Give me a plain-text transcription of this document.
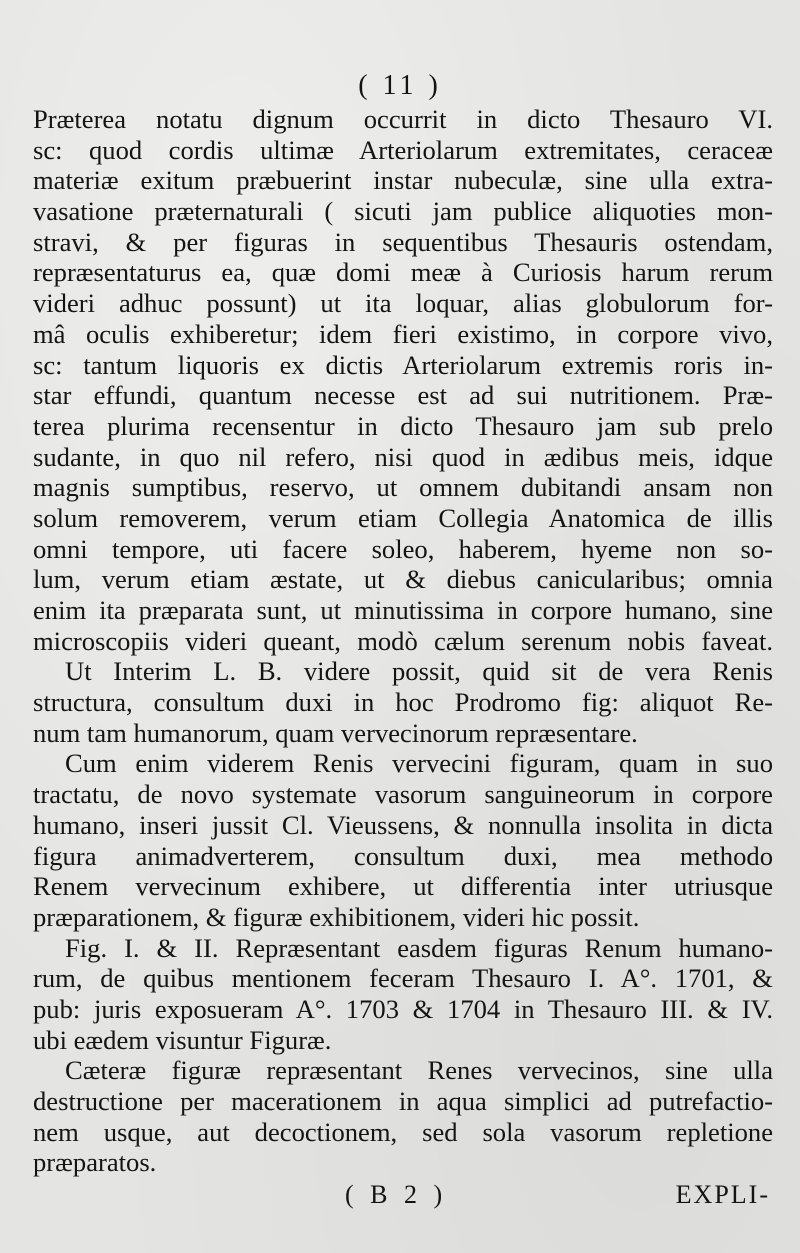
( 11 )
Præterea notatu dignum occurrit in dicto Thesauro VI.
sc: quod cordis ultimæ Arteriolarum extremitates, ceraceæ
materiæ exitum præbuerint instar nubeculæ, sine ulla extra-
vasatione præternaturali ( sicuti jam publice aliquoties mon-
stravi, & per figuras in sequentibus Thesauris ostendam,
repræsentaturus ea, quæ domi meæ à Curiosis harum rerum
videri adhuc possunt) ut ita loquar, alias globulorum for-
mâ oculis exhiberetur; idem fieri existimo, in corpore vivo,
sc: tantum liquoris ex dictis Arteriolarum extremis roris in-
star effundi, quantum necesse est ad sui nutritionem. Præ-
terea plurima recensentur in dicto Thesauro jam sub prelo
sudante, in quo nil refero, nisi quod in ædibus meis, idque
magnis sumptibus, reservo, ut omnem dubitandi ansam non
solum removerem, verum etiam Collegia Anatomica de illis
omni tempore, uti facere soleo, haberem, hyeme non so-
lum, verum etiam æstate, ut & diebus canicularibus; omnia
enim ita præparata sunt, ut minutissima in corpore humano, sine
microscopiis videri queant, modò cælum serenum nobis faveat.
Ut Interim L. B. videre possit, quid sit de vera Renis
structura, consultum duxi in hoc Prodromo fig: aliquot Re-
num tam humanorum, quam vervecinorum repræsentare.
Cum enim viderem Renis vervecini figuram, quam in suo
tractatu, de novo systemate vasorum sanguineorum in corpore
humano, inseri jussit Cl. Vieussens, & nonnulla insolita in dicta
figura animadverterem, consultum duxi, mea methodo
Renem vervecinum exhibere, ut differentia inter utriusque
præparationem, & figuræ exhibitionem, videri hic possit.
Fig. I. & II. Repræsentant easdem figuras Renum humano-
rum, de quibus mentionem feceram Thesauro I. A°. 1701, &
pub: juris exposueram A°. 1703 & 1704 in Thesauro III. & IV.
ubi eædem visuntur Figuræ.
Cæteræ figuræ repræsentant Renes vervecinos, sine ulla
destructione per macerationem in aqua simplici ad putrefactio-
nem usque, aut decoctionem, sed sola vasorum repletione
præparatos.
( B 2 )	EXPLI-
